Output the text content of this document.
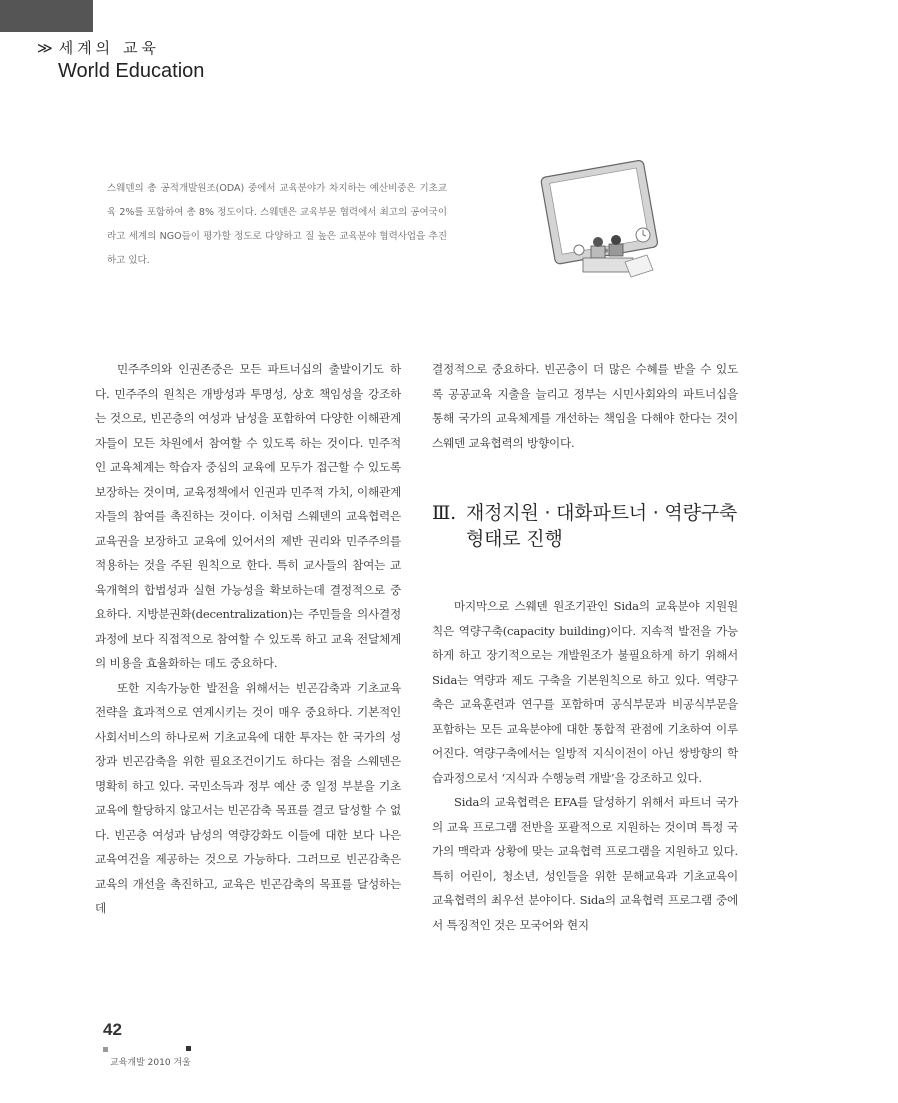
≫ 세계의 교육
World Education
스웨덴의 총 공적개발원조(ODA) 중에서 교육분야가 차지하는 예산비중은 기초교육 2%를 포함하여 총 8% 정도이다. 스웨덴은 교육부문 협력에서 최고의 공여국이라고 세계의 NGO들이 평가할 정도로 다양하고 질 높은 교육분야 협력사업을 추진하고 있다.

민주주의와 인권존중은 모든 파트너십의 출발이기도 하다. 민주주의 원칙은 개방성과 투명성, 상호 책임성을 강조하는 것으로, 빈곤층의 여성과 남성을 포함하여 다양한 이해관계자들이 모든 차원에서 참여할 수 있도록 하는 것이다. 민주적인 교육체계는 학습자 중심의 교육에 모두가 접근할 수 있도록 보장하는 것이며, 교육정책에서 인권과 민주적 가치, 이해관계자들의 참여를 촉진하는 것이다. 이처럼 스웨덴의 교육협력은 교육권을 보장하고 교육에 있어서의 제반 권리와 민주주의를 적용하는 것을 주된 원칙으로 한다. 특히 교사들의 참여는 교육개혁의 합법성과 실현 가능성을 확보하는데 결정적으로 중요하다. 지방분권화(decentralization)는 주민들을 의사결정과정에 보다 직접적으로 참여할 수 있도록 하고 교육 전달체계의 비용을 효율화하는 데도 중요하다.

또한 지속가능한 발전을 위해서는 빈곤감축과 기초교육 전략을 효과적으로 연계시키는 것이 매우 중요하다. 기본적인 사회서비스의 하나로써 기초교육에 대한 투자는 한 국가의 성장과 빈곤감축을 위한 필요조건이기도 하다는 점을 스웨덴은 명확히 하고 있다. 국민소득과 정부 예산 중 일정 부분을 기초교육에 할당하지 않고서는 빈곤감축 목표를 결코 달성할 수 없다. 빈곤층 여성과 남성의 역량강화도 이들에 대한 보다 나은 교육여건을 제공하는 것으로 가능하다. 그러므로 빈곤감축은 교육의 개선을 촉진하고, 교육은 빈곤감축의 목표를 달성하는데

결정적으로 중요하다. 빈곤층이 더 많은 수혜를 받을 수 있도록 공공교육 지출을 늘리고 정부는 시민사회와의 파트너십을 통해 국가의 교육체계를 개선하는 책임을 다해야 한다는 것이 스웨덴 교육협력의 방향이다.

Ⅲ. 재정지원 · 대화파트너 · 역량구축
형태로 진행

마지막으로 스웨덴 원조기관인 Sida의 교육분야 지원원칙은 역량구축(capacity building)이다. 지속적 발전을 가능하게 하고 장기적으로는 개발원조가 불필요하게 하기 위해서 Sida는 역량과 제도 구축을 기본원칙으로 하고 있다. 역량구축은 교육훈련과 연구를 포함하며 공식부문과 비공식부문을 포함하는 모든 교육분야에 대한 통합적 관점에 기초하여 이루어진다. 역량구축에서는 일방적 지식이전이 아닌 쌍방향의 학습과정으로서 ‘지식과 수행능력 개발’을 강조하고 있다.

Sida의 교육협력은 EFA를 달성하기 위해서 파트너 국가의 교육 프로그램 전반을 포괄적으로 지원하는 것이며 특정 국가의 맥락과 상황에 맞는 교육협력 프로그램을 지원하고 있다. 특히 어린이, 청소년, 성인들을 위한 문해교육과 기초교육이 교육협력의 최우선 분야이다. Sida의 교육협력 프로그램 중에서 특징적인 것은 모국어와 현지

42
교육개발 2010 겨울
